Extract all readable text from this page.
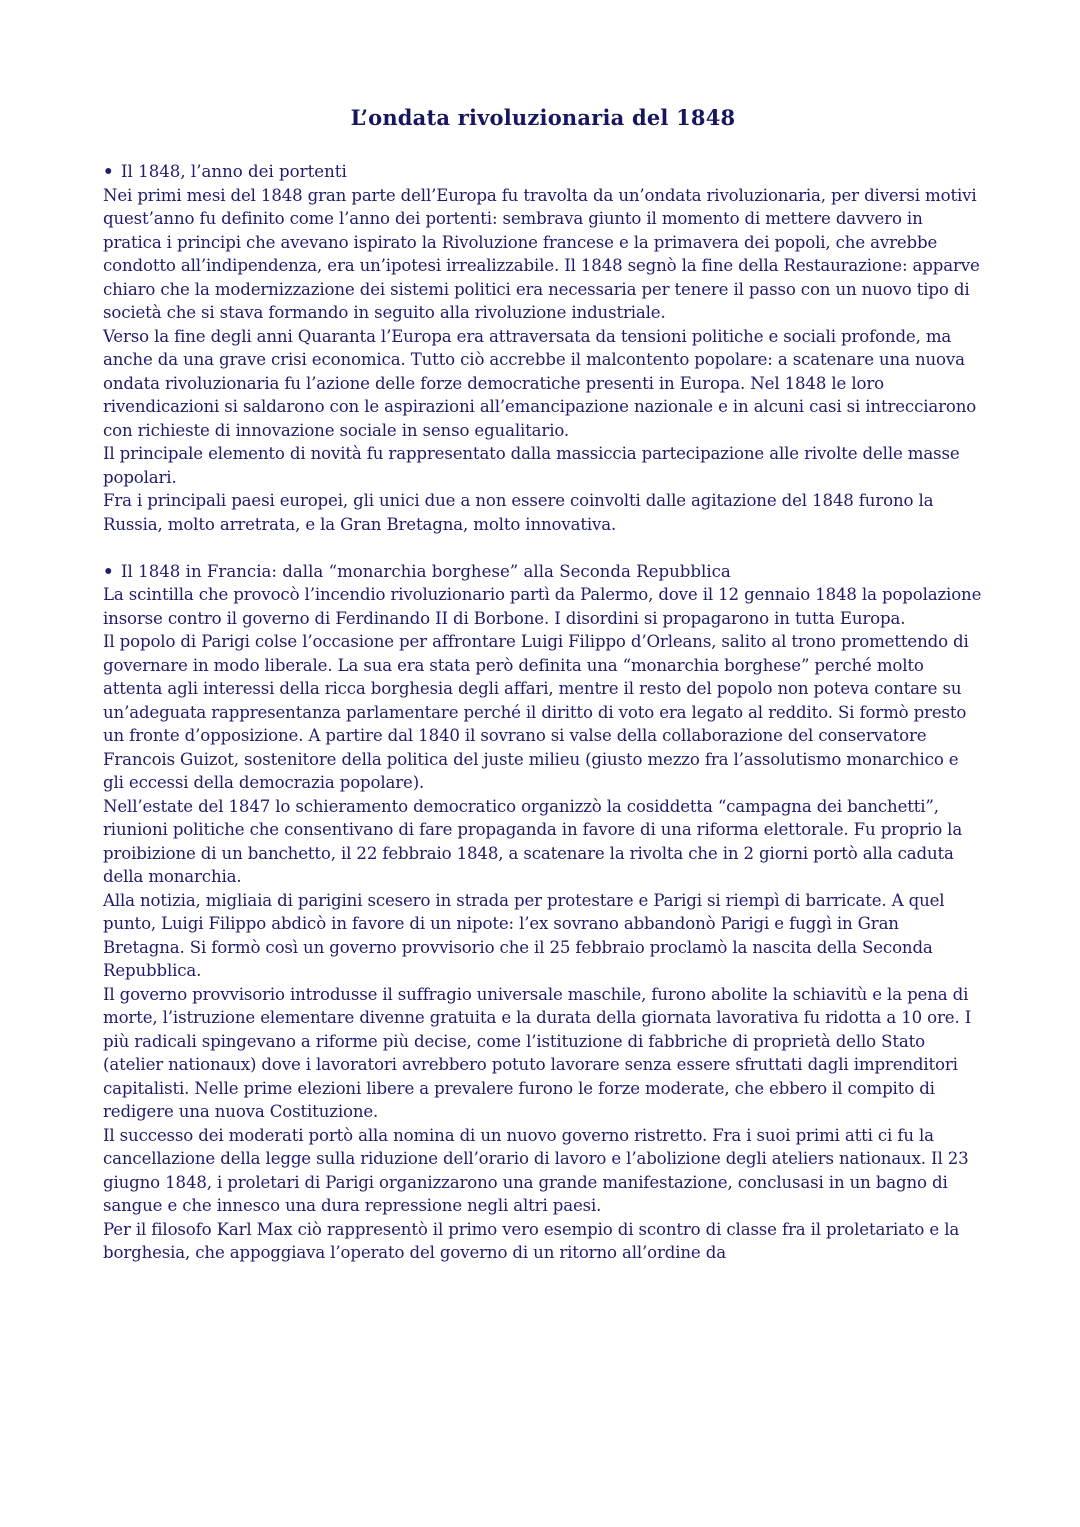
L’ondata rivoluzionaria del 1848

• Il 1848, l’anno dei portenti

Nei primi mesi del 1848 gran parte dell’Europa fu travolta da un’ondata rivoluzionaria, per diversi motivi quest’anno fu definito come l’anno dei portenti: sembrava giunto il momento di mettere davvero in pratica i principi che avevano ispirato la Rivoluzione francese e la primavera dei popoli, che avrebbe condotto all’indipendenza, era un’ipotesi irrealizzabile. Il 1848 segnò la fine della Restaurazione: apparve chiaro che la modernizzazione dei sistemi politici era necessaria per tenere il passo con un nuovo tipo di società che si stava formando in seguito alla rivoluzione industriale.

Verso la fine degli anni Quaranta l’Europa era attraversata da tensioni politiche e sociali profonde, ma anche da una grave crisi economica. Tutto ciò accrebbe il malcontento popolare: a scatenare una nuova ondata rivoluzionaria fu l’azione delle forze democratiche presenti in Europa. Nel 1848 le loro rivendicazioni si saldarono con le aspirazioni all’emancipazione nazionale e in alcuni casi si intrecciarono con richieste di innovazione sociale in senso egualitario.

Il principale elemento di novità fu rappresentato dalla massiccia partecipazione alle rivolte delle masse popolari.

Fra i principali paesi europei, gli unici due a non essere coinvolti dalle agitazione del 1848 furono la Russia, molto arretrata, e la Gran Bretagna, molto innovativa.

• Il 1848 in Francia: dalla “monarchia borghese” alla Seconda Repubblica

La scintilla che provocò l’incendio rivoluzionario partì da Palermo, dove il 12 gennaio 1848 la popolazione insorse contro il governo di Ferdinando II di Borbone. I disordini si propagarono in tutta Europa.

Il popolo di Parigi colse l’occasione per affrontare Luigi Filippo d’Orleans, salito al trono promettendo di governare in modo liberale. La sua era stata però definita una “monarchia borghese” perché molto attenta agli interessi della ricca borghesia degli affari, mentre il resto del popolo non poteva contare su un’adeguata rappresentanza parlamentare perché il diritto di voto era legato al reddito. Si formò presto un fronte d’opposizione. A partire dal 1840 il sovrano si valse della collaborazione del conservatore Francois Guizot, sostenitore della politica del juste milieu (giusto mezzo fra l’assolutismo monarchico e gli eccessi della democrazia popolare).

Nell’estate del 1847 lo schieramento democratico organizzò la cosiddetta “campagna dei banchetti”, riunioni politiche che consentivano di fare propaganda in favore di una riforma elettorale. Fu proprio la proibizione di un banchetto, il 22 febbraio 1848, a scatenare la rivolta che in 2 giorni portò alla caduta della monarchia.

Alla notizia, migliaia di parigini scesero in strada per protestare e Parigi si riempì di barricate. A quel punto, Luigi Filippo abdicò in favore di un nipote: l’ex sovrano abbandonò Parigi e fuggì in Gran Bretagna. Si formò così un governo provvisorio che il 25 febbraio proclamò la nascita della Seconda Repubblica.

Il governo provvisorio introdusse il suffragio universale maschile, furono abolite la schiavitù e la pena di morte, l’istruzione elementare divenne gratuita e la durata della giornata lavorativa fu ridotta a 10 ore. I più radicali spingevano a riforme più decise, come l’istituzione di fabbriche di proprietà dello Stato (atelier nationaux) dove i lavoratori avrebbero potuto lavorare senza essere sfruttati dagli imprenditori capitalisti. Nelle prime elezioni libere a prevalere furono le forze moderate, che ebbero il compito di redigere una nuova Costituzione.

Il successo dei moderati portò alla nomina di un nuovo governo ristretto. Fra i suoi primi atti ci fu la cancellazione della legge sulla riduzione dell’orario di lavoro e l’abolizione degli ateliers nationaux. Il 23 giugno 1848, i proletari di Parigi organizzarono una grande manifestazione, conclusasi in un bagno di sangue e che innesco una dura repressione negli altri paesi.

Per il filosofo Karl Max ciò rappresentò il primo vero esempio di scontro di classe fra il proletariato e la borghesia, che appoggiava l’operato del governo di un ritorno all’ordine da
